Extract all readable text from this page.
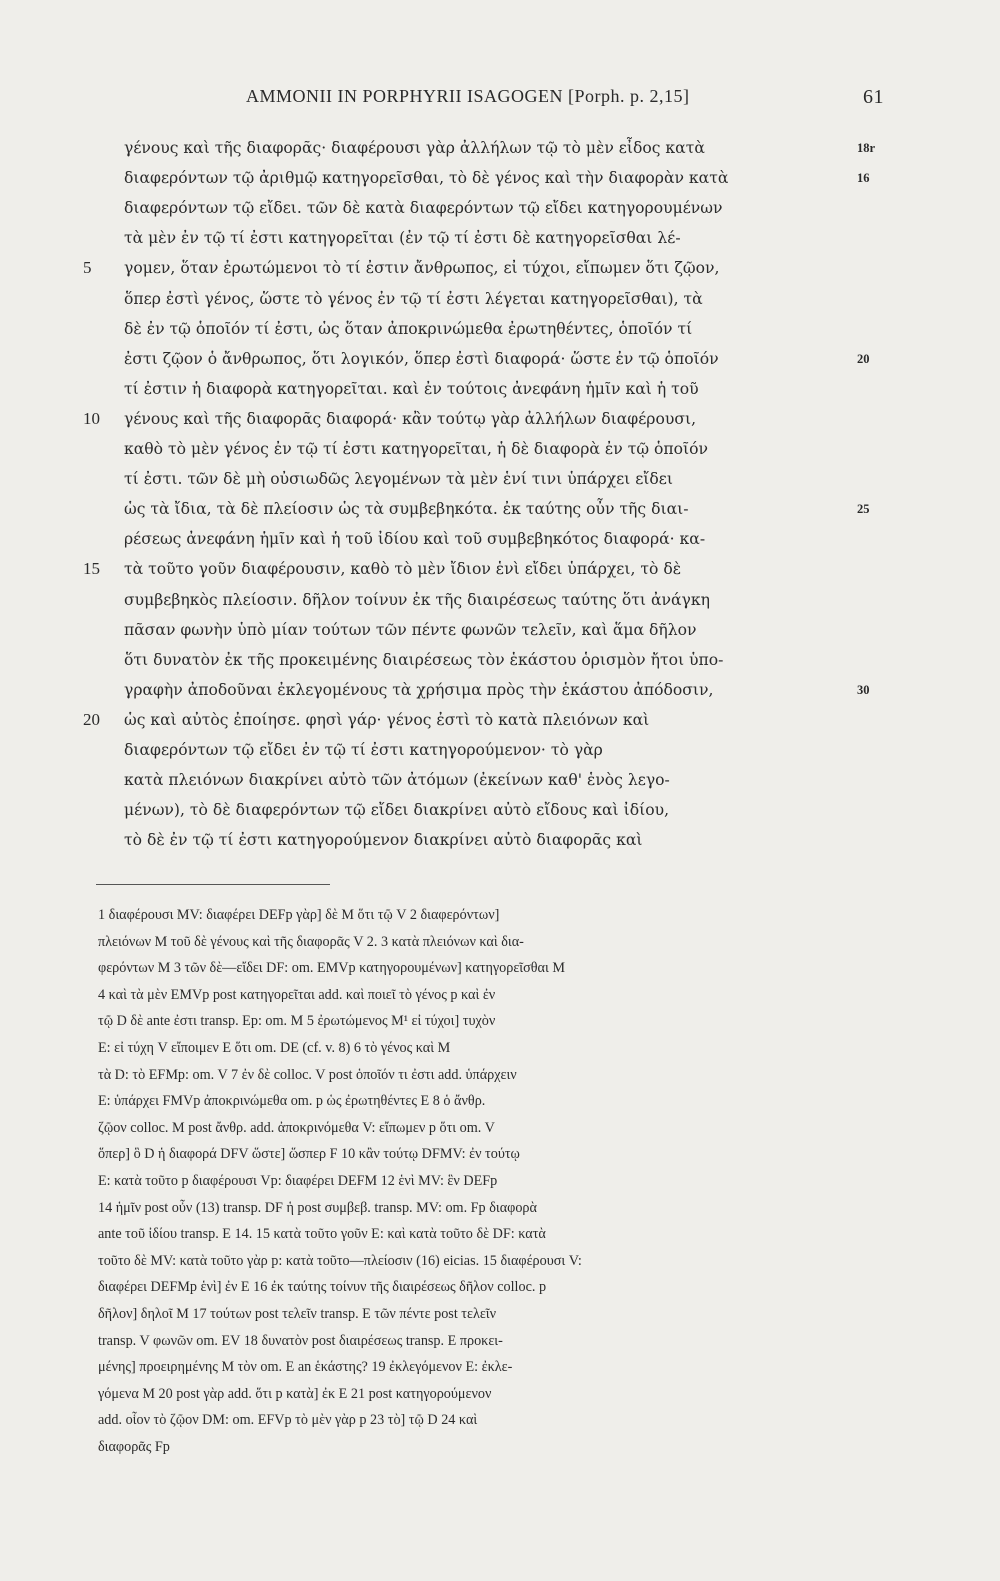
AMMONII IN PORPHYRII ISAGOGEN [Porph. p. 2,15]	61
γένους καὶ τῆς διαφορᾶς· διαφέρουσι γὰρ ἀλλήλων τῷ τὸ μὲν εἶδος κατὰ	18r
διαφερόντων τῷ ἀριθμῷ κατηγορεῖσθαι, τὸ δὲ γένος καὶ τὴν διαφορὰν κατὰ	16
διαφερόντων τῷ εἴδει. τῶν δὲ κατὰ διαφερόντων τῷ εἴδει κατηγορουμένων
τὰ μὲν ἐν τῷ τί ἐστι κατηγορεῖται (ἐν τῷ τί ἐστι δὲ κατηγορεῖσθαι λέ-
γομεν, ὅταν ἐρωτώμενοι τὸ τί ἐστιν ἄνθρωπος, εἰ τύχοι, εἴπωμεν ὅτι ζῷον,
5
ὅπερ ἐστὶ γένος, ὥστε τὸ γένος ἐν τῷ τί ἐστι λέγεται κατηγορεῖσθαι), τὰ
δὲ ἐν τῷ ὁποῖόν τί ἐστι, ὡς ὅταν ἀποκρινώμεθα ἐρωτηθέντες, ὁποῖόν τί
ἐστι ζῷον ὁ ἄνθρωπος, ὅτι λογικόν, ὅπερ ἐστὶ διαφορά· ὥστε ἐν τῷ ὁποῖόν	20
τί ἐστιν ἡ διαφορὰ κατηγορεῖται. καὶ ἐν τούτοις ἀνεφάνη ἡμῖν καὶ ἡ τοῦ
γένους καὶ τῆς διαφορᾶς διαφορά· κἂν τούτῳ γὰρ ἀλλήλων διαφέρουσι,
10
καθὸ τὸ μὲν γένος ἐν τῷ τί ἐστι κατηγορεῖται, ἡ δὲ διαφορὰ ἐν τῷ ὁποῖόν
τί ἐστι. τῶν δὲ μὴ οὐσιωδῶς λεγομένων τὰ μὲν ἑνί τινι ὑπάρχει εἴδει
ὡς τὰ ἴδια, τὰ δὲ πλείοσιν ὡς τὰ συμβεβηκότα. ἐκ ταύτης οὖν τῆς διαι-	25
ρέσεως ἀνεφάνη ἡμῖν καὶ ἡ τοῦ ἰδίου καὶ τοῦ συμβεβηκότος διαφορά· κα-
τὰ τοῦτο γοῦν διαφέρουσιν, καθὸ τὸ μὲν ἴδιον ἑνὶ εἴδει ὑπάρχει, τὸ δὲ
15
συμβεβηκὸς πλείοσιν. δῆλον τοίνυν ἐκ τῆς διαιρέσεως ταύτης ὅτι ἀνάγκη
πᾶσαν φωνὴν ὑπὸ μίαν τούτων τῶν πέντε φωνῶν τελεῖν, καὶ ἅμα δῆλον
ὅτι δυνατὸν ἐκ τῆς προκειμένης διαιρέσεως τὸν ἑκάστου ὁρισμὸν ἤτοι ὑπο-
γραφὴν ἀποδοῦναι ἐκλεγομένους τὰ χρήσιμα πρὸς τὴν ἑκάστου ἀπόδοσιν,	30
ὡς καὶ αὐτὸς ἐποίησε. φησὶ γάρ· γένος ἐστὶ τὸ κατὰ πλειόνων καὶ
20
διαφερόντων τῷ εἴδει ἐν τῷ τί ἐστι κατηγορούμενον· τὸ γὰρ
κατὰ πλειόνων διακρίνει αὐτὸ τῶν ἀτόμων (ἐκείνων καθ' ἑνὸς λεγο-
μένων), τὸ δὲ διαφερόντων τῷ εἴδει διακρίνει αὐτὸ εἴδους καὶ ἰδίου,
τὸ δὲ ἐν τῷ τί ἐστι κατηγορούμενον διακρίνει αὐτὸ διαφορᾶς καὶ
1 διαφέρουσι MV: διαφέρει DEFp γὰρ] δὲ M ὅτι τῷ V 2 διαφερόντων]
πλειόνων M τοῦ δὲ γένους καὶ τῆς διαφορᾶς V 2. 3 κατὰ πλειόνων καὶ δια-
φερόντων M 3 τῶν δὲ—εἴδει DF: om. EMVp κατηγορουμένων] κατηγορεῖσθαι M
4 καὶ τὰ μὲν EMVp post κατηγορεῖται add. καὶ ποιεῖ τὸ γένος p καὶ ἐν
τῷ D δὲ ante ἐστι transp. Ep: om. M 5 ἐρωτώμενος M¹ εἰ τύχοι] τυχὸν
E: εἰ τύχη V εἴποιμεν E ὅτι om. DE (cf. v. 8) 6 τὸ γένος καὶ M
τὰ D: τὸ EFMp: om. V 7 ἐν δὲ colloc. V post ὁποῖόν τι ἐστι add. ὑπάρχειν
E: ὑπάρχει FMVp ἀποκρινώμεθα om. p ὡς ἐρωτηθέντες E 8 ὁ ἄνθρ.
ζῷον colloc. M post ἄνθρ. add. ἀποκρινόμεθα V: εἴπωμεν p ὅτι om. V
ὅπερ] ὃ D ἡ διαφορά DFV ὥστε] ὥσπερ F 10 κἂν τούτῳ DFMV: ἐν τούτῳ
E: κατὰ τοῦτο p διαφέρουσι Vp: διαφέρει DEFM 12 ἑνὶ MV: ἓν DEFp
14 ἡμῖν post οὖν (13) transp. DF ἡ post συμβεβ. transp. MV: om. Fp διαφορὰ
ante τοῦ ἰδίου transp. E 14. 15 κατὰ τοῦτο γοῦν E: καὶ κατὰ τοῦτο δὲ DF: κατὰ
τοῦτο δὲ MV: κατὰ τοῦτο γὰρ p: κατὰ τοῦτο—πλείοσιν (16) eicias. 15 διαφέρουσι V:
διαφέρει DEFMp ἑνὶ] ἐν E 16 ἐκ ταύτης τοίνυν τῆς διαιρέσεως δῆλον colloc. p
δῆλον] δηλοῖ M 17 τούτων post τελεῖν transp. E τῶν πέντε post τελεῖν
transp. V φωνῶν om. EV 18 δυνατὸν post διαιρέσεως transp. E προκει-
μένης] προειρημένης M τὸν om. E an ἑκάστης? 19 ἐκλεγόμενον E: ἐκλε-
γόμενα M 20 post γὰρ add. ὅτι p κατὰ] ἐκ E 21 post κατηγορούμενον
add. οἷον τὸ ζῷον DM: om. EFVp τὸ μὲν γὰρ p 23 τὸ] τῷ D 24 καὶ
διαφορᾶς Fp
